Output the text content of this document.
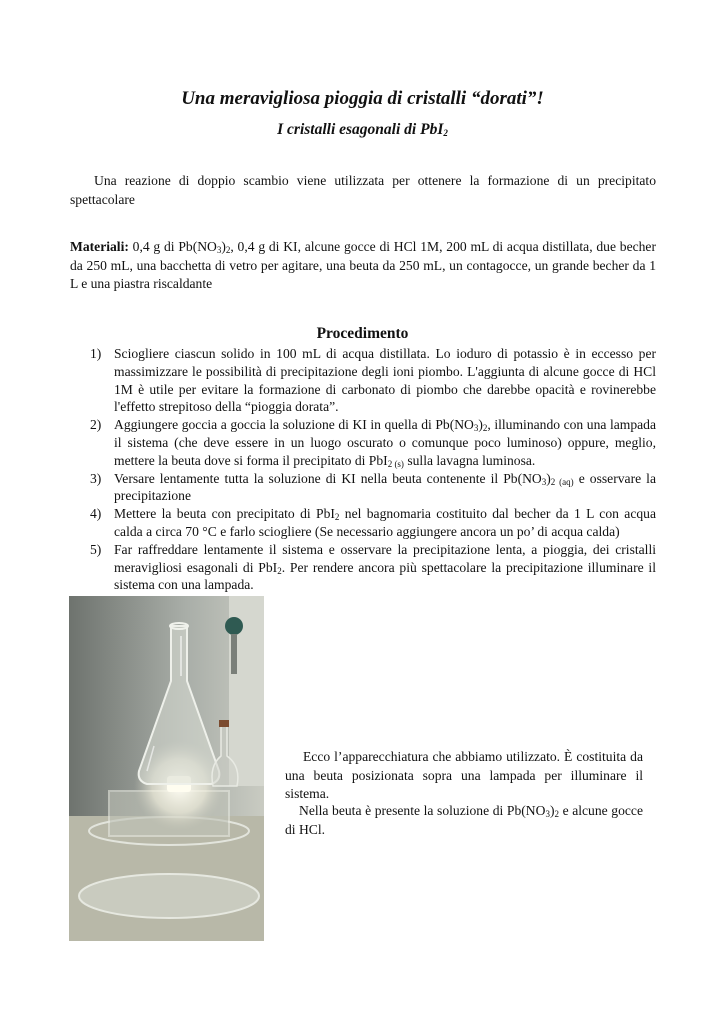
Una meravigliosa pioggia di cristalli “dorati”!
I cristalli esagonali di PbI$_2$
Una reazione di doppio scambio viene utilizzata per ottenere la formazione di un precipitato spettacolare
Materiali: 0,4 g di $Pb(NO_3)_2$, 0,4 g di KI, alcune gocce di HCl 1M, 200 mL di acqua distillata, due becher da 250 mL, una bacchetta di vetro per agitare, una beuta da 250 mL, un contagocce, un grande becher da 1 L e una piastra riscaldante
Procedimento
1) Sciogliere ciascun solido in 100 mL di acqua distillata. Lo ioduro di potassio è in eccesso per massimizzare le possibilità di precipitazione degli ioni piombo. L'aggiunta di alcune gocce di HCl 1M è utile per evitare la formazione di carbonato di piombo che darebbe opacità e rovinerebbe l'effetto strepitoso della “pioggia dorata”.
2) Aggiungere goccia a goccia la soluzione di KI in quella di $Pb(NO_3)_2$, illuminando con una lampada il sistema (che deve essere in un luogo oscurato o comunque poco luminoso) oppure, meglio, mettere la beuta dove si forma il precipitato di PbI$_{2 (s)}$ sulla lavagna luminosa.
3) Versare lentamente tutta la soluzione di KI nella beuta contenente il $Pb(NO_3)_{2 (aq)}$ e osservare la precipitazione
4) Mettere la beuta con precipitato di PbI$_2$ nel bagnomaria costituito dal becher da 1 L con acqua calda a circa 70 °C e farlo sciogliere (Se necessario aggiungere ancora un po’ di acqua calda)
5) Far raffreddare lentamente il sistema e osservare la precipitazione lenta, a pioggia, dei cristalli meravigliosi esagonali di PbI$_2$. Per rendere ancora più spettacolare la precipitazione illuminare il sistema con una lampada.
Ecco l’apparecchiatura che abbiamo utilizzato. È costituita da una beuta posizionata sopra una lampada per illuminare il sistema.
Nella beuta è presente la soluzione di $Pb(NO_3)_2$ e alcune gocce di HCl.
